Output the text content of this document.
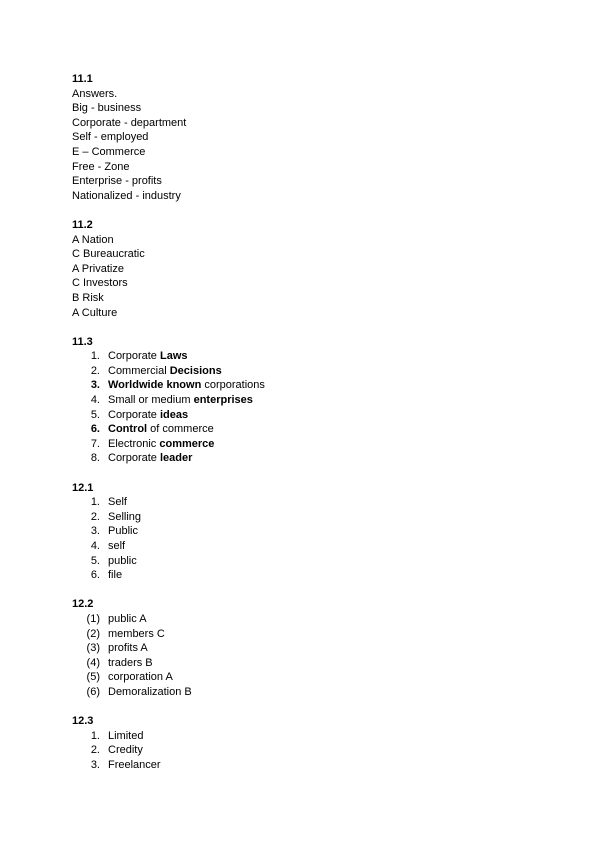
11.1
Answers.
Big - business
Corporate - department
Self - employed
E – Commerce
Free - Zone
Enterprise - profits
Nationalized - industry
11.2
A Nation
C Bureaucratic
A Privatize
C Investors
B Risk
A Culture
11.3
1. Corporate Laws
2. Commercial Decisions
3. Worldwide known corporations
4. Small or medium enterprises
5. Corporate ideas
6. Control of commerce
7. Electronic commerce
8. Corporate leader
12.1
1. Self
2. Selling
3. Public
4. self
5. public
6. file
12.2
(1) public A
(2) members C
(3) profits A
(4) traders B
(5) corporation A
(6) Demoralization B
12.3
1. Limited
2. Credity
3. Freelancer
